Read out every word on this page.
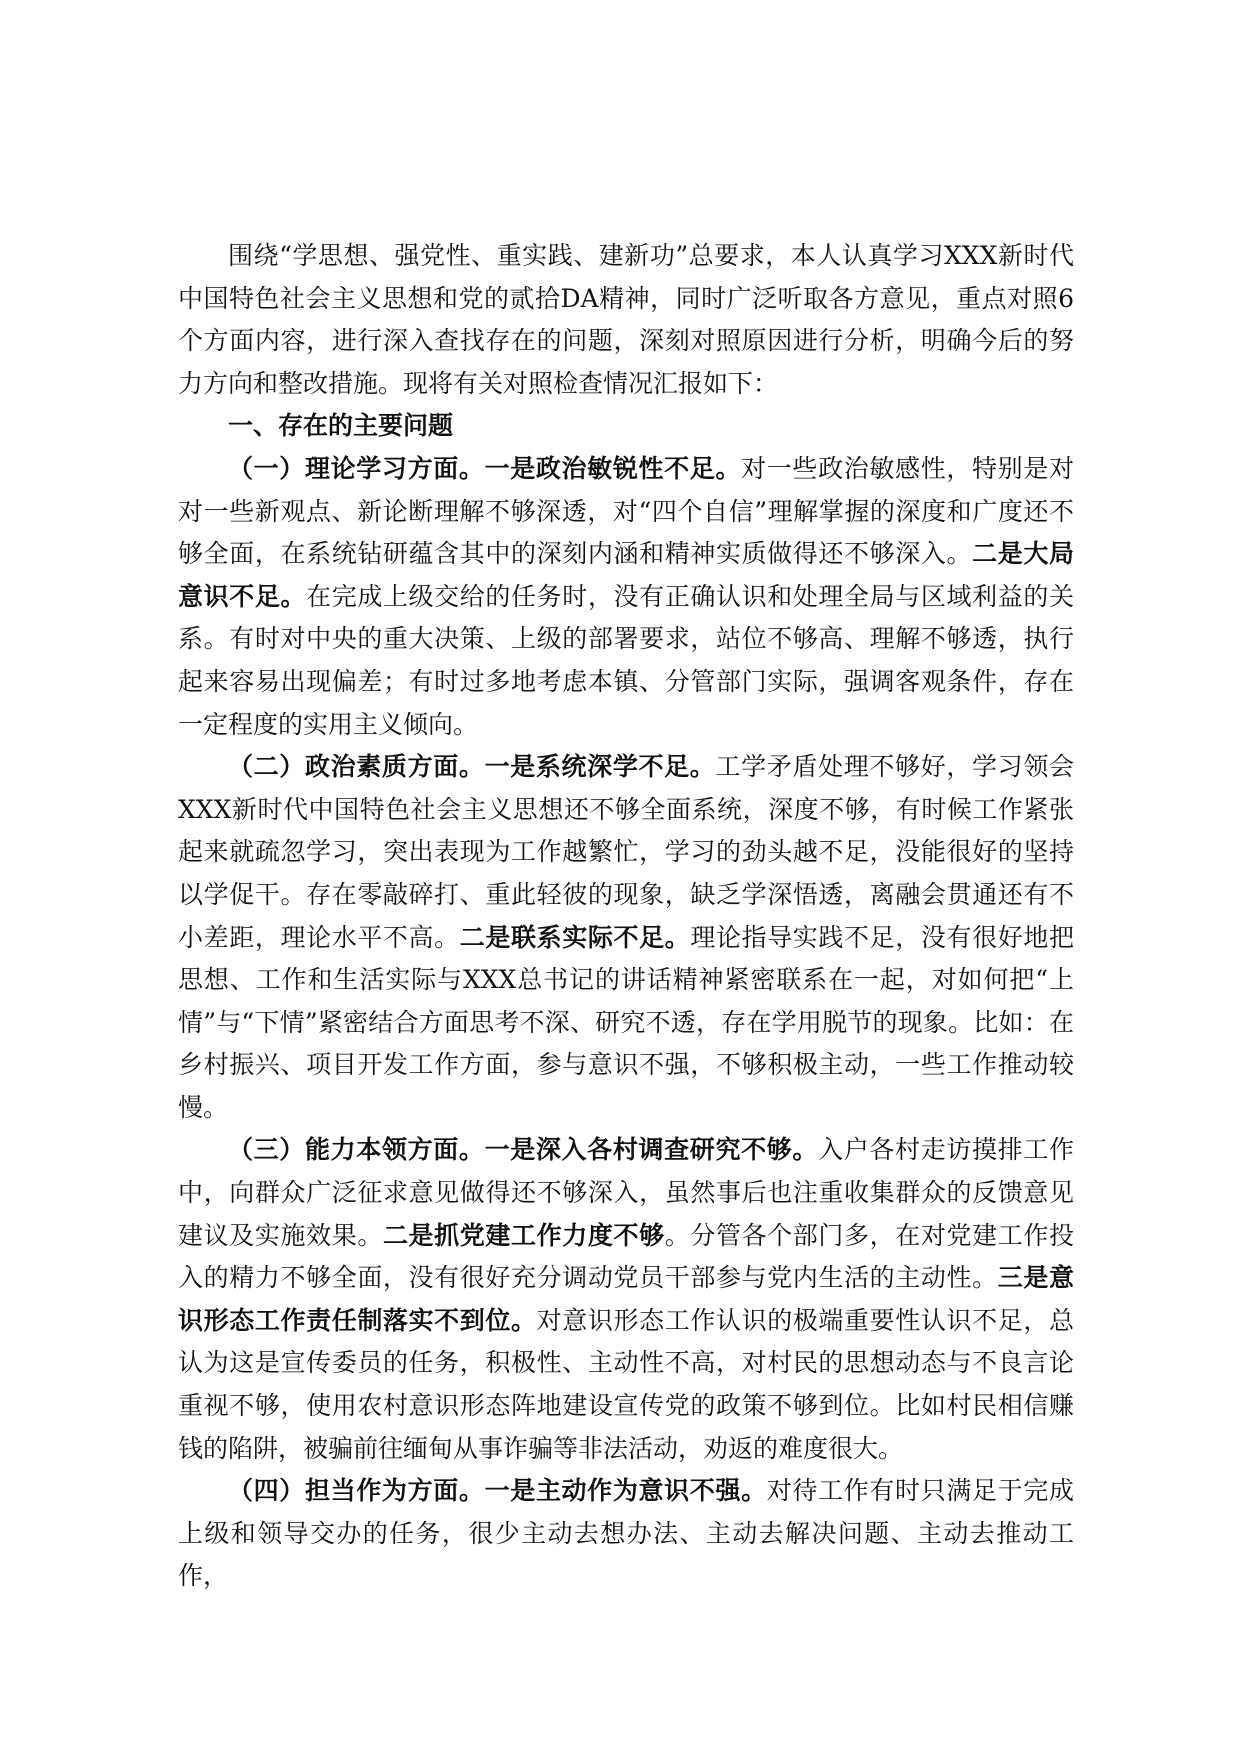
围绕“学思想、强党性、重实践、建新功”总要求，本人认真学习XXX新时代中国特色社会主义思想和党的贰拾DA精神，同时广泛听取各方意见，重点对照6个方面内容，进行深入查找存在的问题，深刻对照原因进行分析，明确今后的努力方向和整改措施。现将有关对照检查情况汇报如下：

一、存在的主要问题

（一）理论学习方面。一是政治敏锐性不足。对一些政治敏感性，特别是对对一些新观点、新论断理解不够深透，对“四个自信”理解掌握的深度和广度还不够全面，在系统钻研蕴含其中的深刻内涵和精神实质做得还不够深入。二是大局意识不足。在完成上级交给的任务时，没有正确认识和处理全局与区域利益的关系。有时对中央的重大决策、上级的部署要求，站位不够高、理解不够透，执行起来容易出现偏差；有时过多地考虑本镇、分管部门实际，强调客观条件，存在一定程度的实用主义倾向。

（二）政治素质方面。一是系统深学不足。工学矛盾处理不够好，学习领会XXX新时代中国特色社会主义思想还不够全面系统，深度不够，有时候工作紧张起来就疏忽学习，突出表现为工作越繁忙，学习的劲头越不足，没能很好的坚持以学促干。存在零敲碎打、重此轻彼的现象，缺乏学深悟透，离融会贯通还有不小差距，理论水平不高。二是联系实际不足。理论指导实践不足，没有很好地把思想、工作和生活实际与XXX总书记的讲话精神紧密联系在一起，对如何把“上情”与“下情”紧密结合方面思考不深、研究不透，存在学用脱节的现象。比如：在乡村振兴、项目开发工作方面，参与意识不强，不够积极主动，一些工作推动较慢。

（三）能力本领方面。一是深入各村调查研究不够。入户各村走访摸排工作中，向群众广泛征求意见做得还不够深入，虽然事后也注重收集群众的反馈意见建议及实施效果。二是抓党建工作力度不够。分管各个部门多，在对党建工作投入的精力不够全面，没有很好充分调动党员干部参与党内生活的主动性。三是意识形态工作责任制落实不到位。对意识形态工作认识的极端重要性认识不足，总认为这是宣传委员的任务，积极性、主动性不高，对村民的思想动态与不良言论重视不够，使用农村意识形态阵地建设宣传党的政策不够到位。比如村民相信赚钱的陷阱，被骗前往缅甸从事诈骗等非法活动，劝返的难度很大。

（四）担当作为方面。一是主动作为意识不强。对待工作有时只满足于完成上级和领导交办的任务，很少主动去想办法、主动去解决问题、主动去推动工作，
